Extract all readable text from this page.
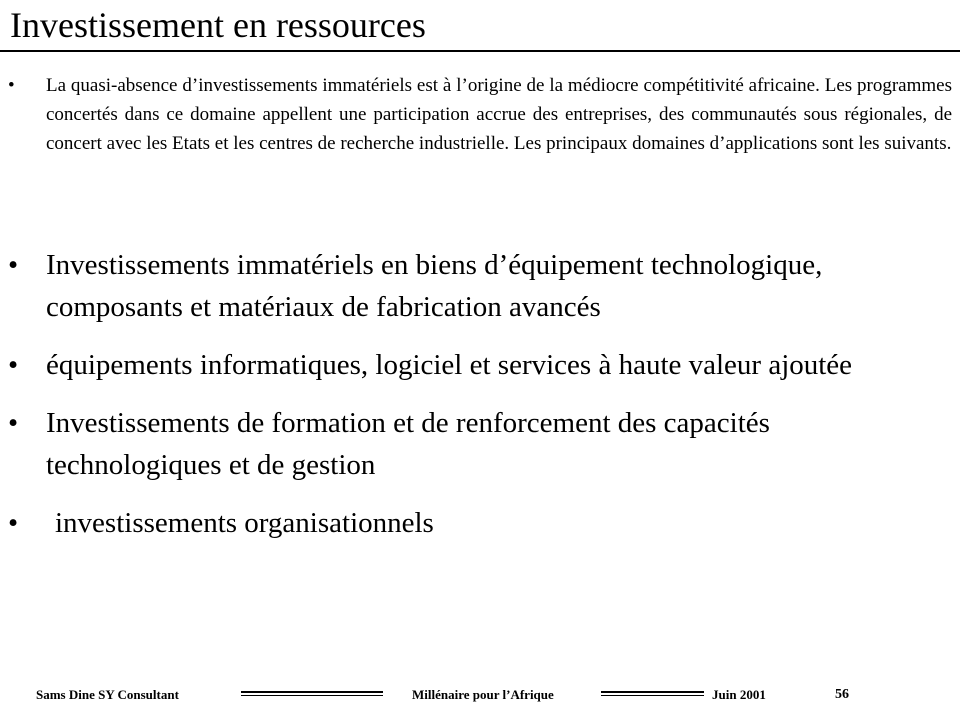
Investissement en ressources
• La quasi-absence d’investissements immatériels est à l’origine de la médiocre compétitivité africaine. Les programmes concertés dans ce domaine appellent une participation accrue des entreprises, des communautés sous régionales, de concert avec les Etats et les centres de recherche industrielle. Les principaux domaines d’applications sont les suivants.
• Investissements immatériels en biens d’équipement technologique, composants et matériaux de fabrication avancés
• équipements informatiques, logiciel et services à haute valeur ajoutée
• Investissements de formation et de renforcement des capacités technologiques et de gestion
• investissements organisationnels
Sams Dine SY Consultant	Millénaire pour l’Afrique	Juin 2001	56
